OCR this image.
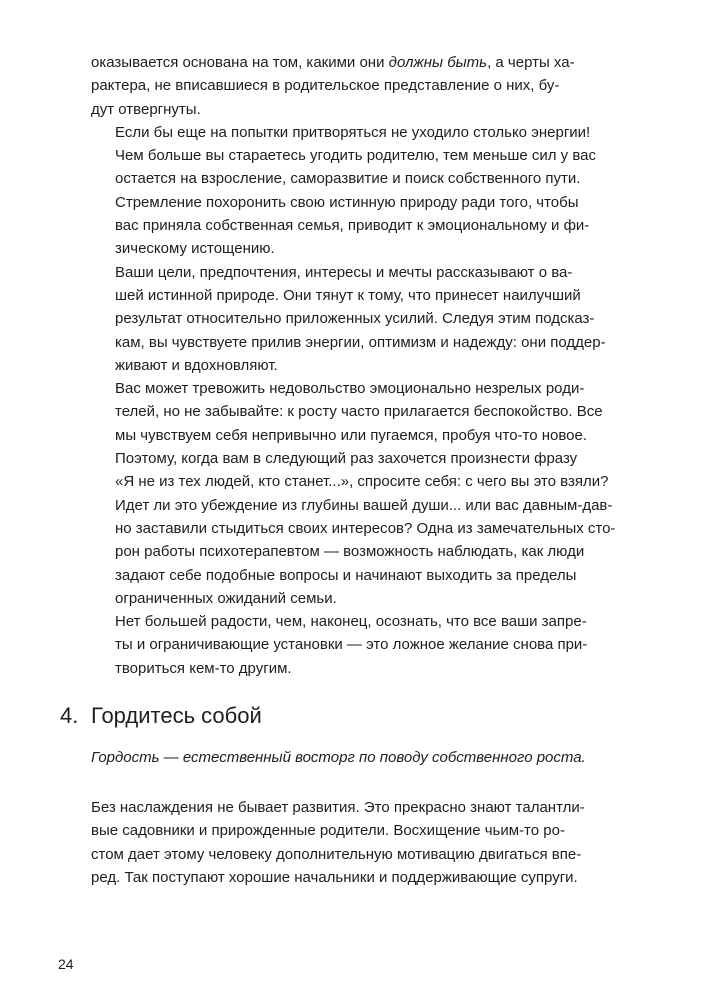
оказывается основана на том, какими они должны быть, а черты ха-
рактера, не вписавшиеся в родительское представление о них, бу-
дут отвергнуты.

Если бы еще на попытки притворяться не уходило столько энергии!
Чем больше вы стараетесь угодить родителю, тем меньше сил у вас
остается на взросление, саморазвитие и поиск собственного пути.
Стремление похоронить свою истинную природу ради того, чтобы
вас приняла собственная семья, приводит к эмоциональному и фи-
зическому истощению.

Ваши цели, предпочтения, интересы и мечты рассказывают о ва-
шей истинной природе. Они тянут к тому, что принесет наилучший
результат относительно приложенных усилий. Следуя этим подсказ-
кам, вы чувствуете прилив энергии, оптимизм и надежду: они поддер-
живают и вдохновляют.

Вас может тревожить недовольство эмоционально незрелых роди-
телей, но не забывайте: к росту часто прилагается беспокойство. Все
мы чувствуем себя непривычно или пугаемся, пробуя что-то новое.

Поэтому, когда вам в следующий раз захочется произнести фразу
«Я не из тех людей, кто станет...», спросите себя: с чего вы это взяли?
Идет ли это убеждение из глубины вашей души... или вас давным-дав-
но заставили стыдиться своих интересов? Одна из замечательных сто-
рон работы психотерапевтом — возможность наблюдать, как люди
задают себе подобные вопросы и начинают выходить за пределы
ограниченных ожиданий семьи.

Нет большей радости, чем, наконец, осознать, что все ваши запре-
ты и ограничивающие установки — это ложное желание снова при-
твориться кем-то другим.

4. Гордитесь собой

Гордость — естественный восторг по поводу собственного роста.

Без наслаждения не бывает развития. Это прекрасно знают талантли-
вые садовники и прирожденные родители. Восхищение чьим-то ро-
стом дает этому человеку дополнительную мотивацию двигаться впе-
ред. Так поступают хорошие начальники и поддерживающие супруги.

24
